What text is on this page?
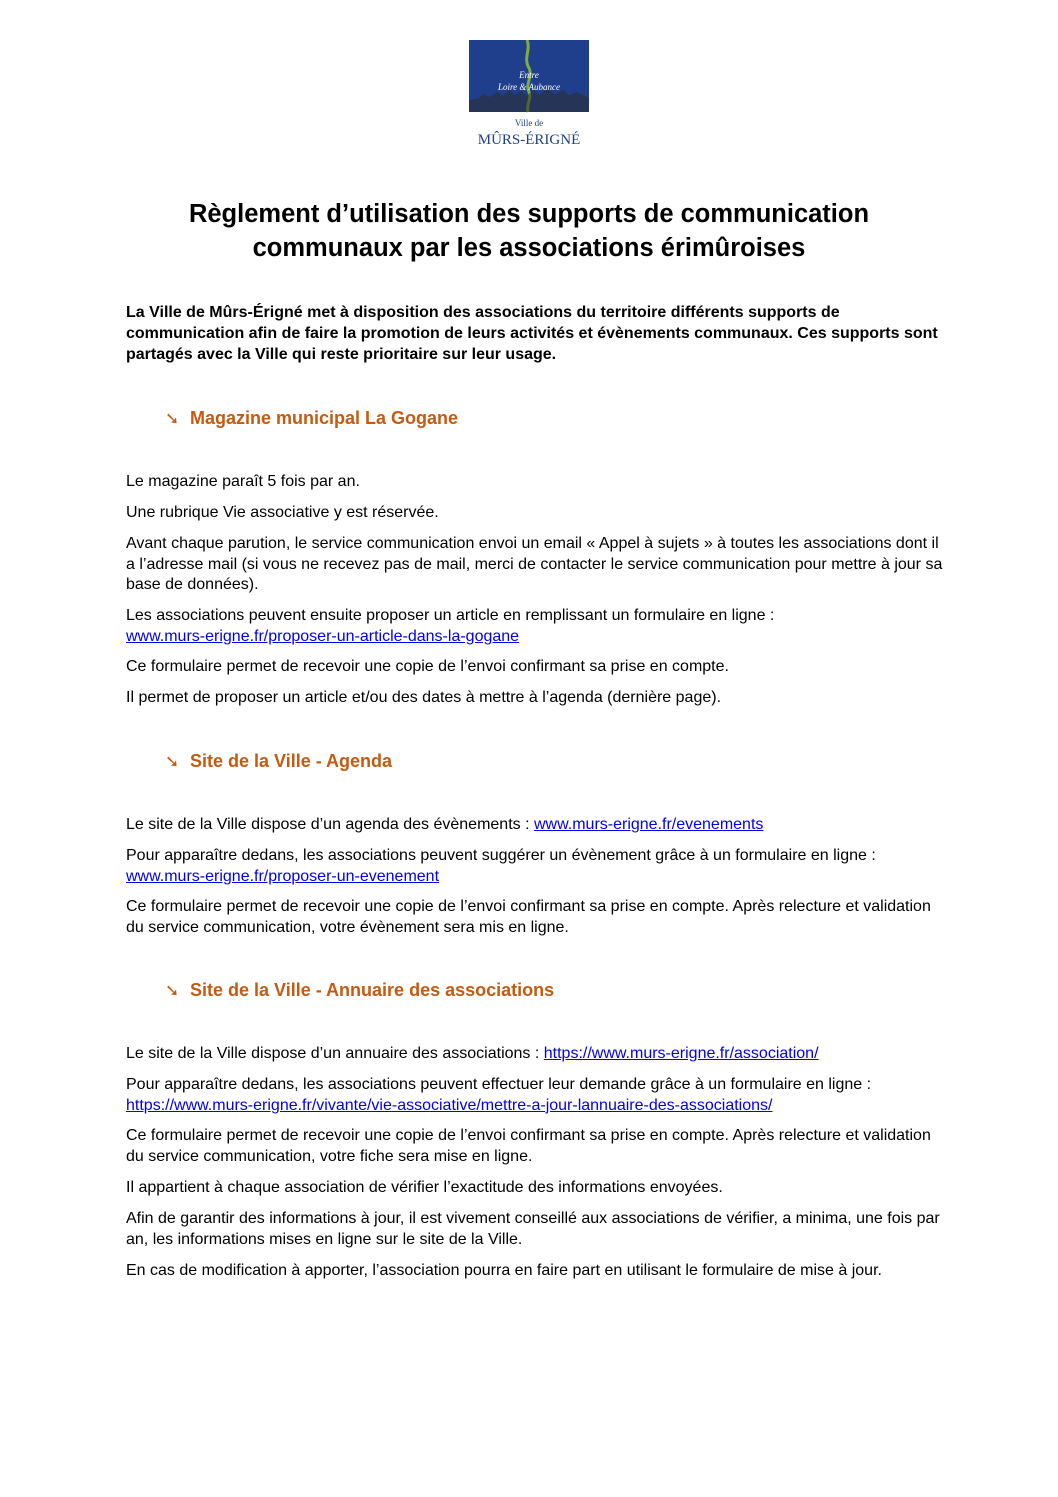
Entre
Loire & Aubance
Ville de
MÛRS-ÉRIGNÉ
Règlement d’utilisation des supports de communication
communaux par les associations érimûroises

La Ville de Mûrs-Érigné met à disposition des associations du territoire différents supports de communication afin de faire la promotion de leurs activités et évènements communaux. Ces supports sont partagés avec la Ville qui reste prioritaire sur leur usage.

➘ Magazine municipal La Gogane

Le magazine paraît 5 fois par an.

Une rubrique Vie associative y est réservée.

Avant chaque parution, le service communication envoi un email « Appel à sujets » à toutes les associations dont il a l’adresse mail (si vous ne recevez pas de mail, merci de contacter le service communication pour mettre à jour sa base de données).

Les associations peuvent ensuite proposer un article en remplissant un formulaire en ligne :
www.murs-erigne.fr/proposer-un-article-dans-la-gogane

Ce formulaire permet de recevoir une copie de l’envoi confirmant sa prise en compte.

Il permet de proposer un article et/ou des dates à mettre à l’agenda (dernière page).

➘ Site de la Ville - Agenda

Le site de la Ville dispose d’un agenda des évènements : www.murs-erigne.fr/evenements

Pour apparaître dedans, les associations peuvent suggérer un évènement grâce à un formulaire en ligne : www.murs-erigne.fr/proposer-un-evenement

Ce formulaire permet de recevoir une copie de l’envoi confirmant sa prise en compte. Après relecture et validation du service communication, votre évènement sera mis en ligne.

➘ Site de la Ville - Annuaire des associations

Le site de la Ville dispose d’un annuaire des associations : https://www.murs-erigne.fr/association/

Pour apparaître dedans, les associations peuvent effectuer leur demande grâce à un formulaire en ligne : https://www.murs-erigne.fr/vivante/vie-associative/mettre-a-jour-lannuaire-des-associations/

Ce formulaire permet de recevoir une copie de l’envoi confirmant sa prise en compte. Après relecture et validation du service communication, votre fiche sera mise en ligne.

Il appartient à chaque association de vérifier l’exactitude des informations envoyées.

Afin de garantir des informations à jour, il est vivement conseillé aux associations de vérifier, a minima, une fois par an, les informations mises en ligne sur le site de la Ville.

En cas de modification à apporter, l’association pourra en faire part en utilisant le formulaire de mise à jour.
